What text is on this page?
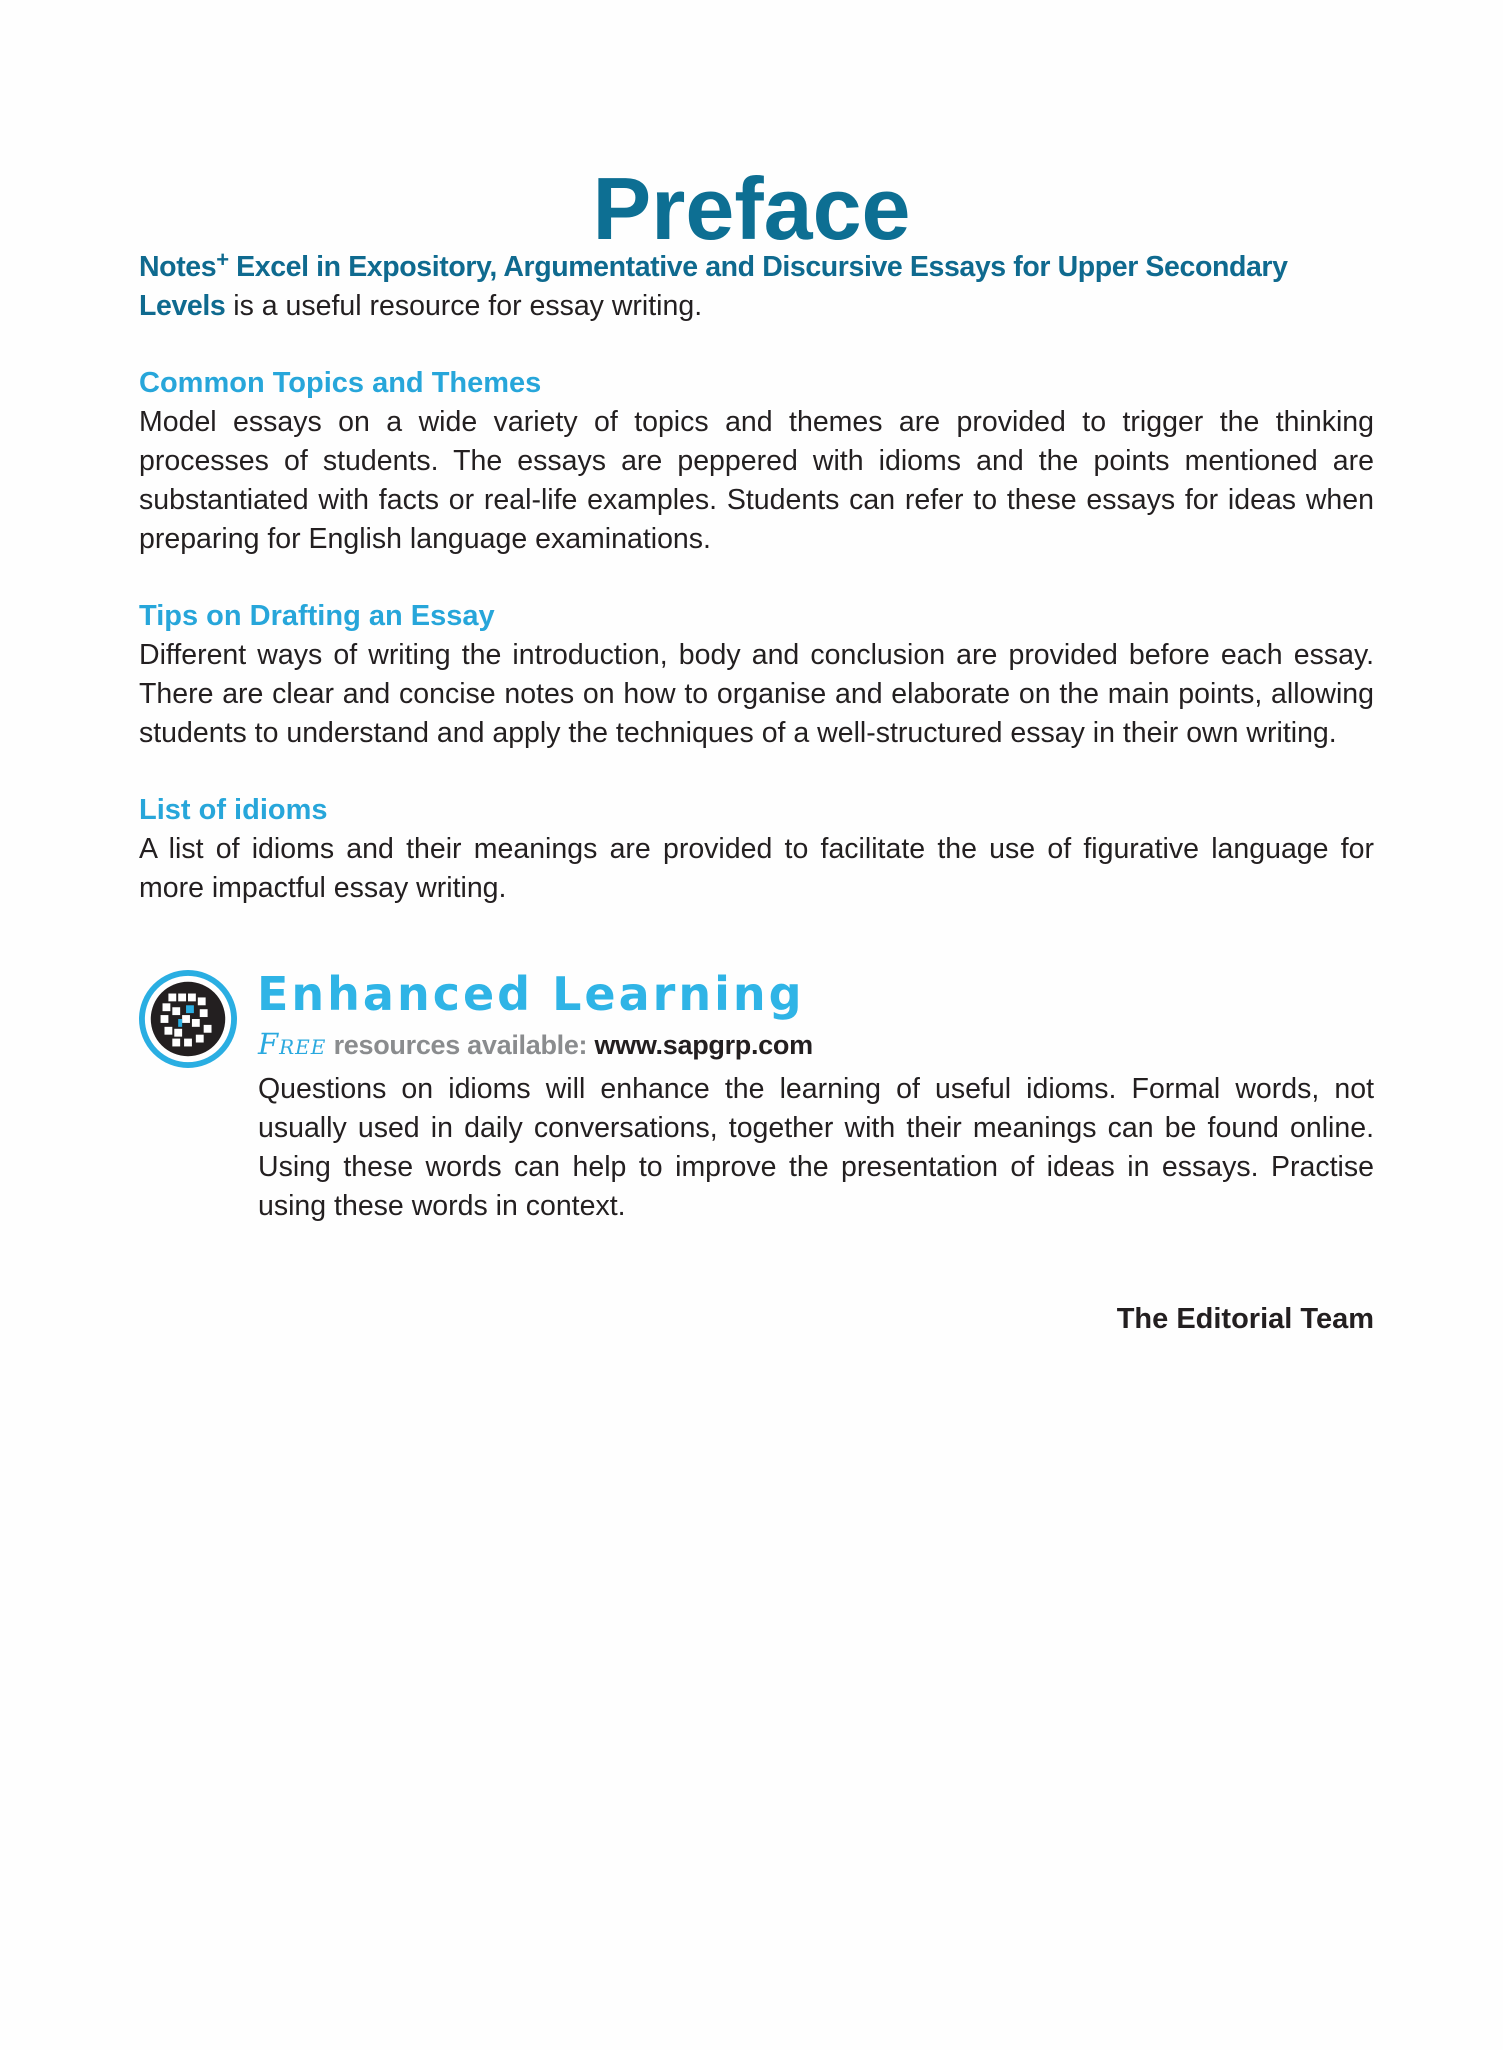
Preface

Notes+ Excel in Expository, Argumentative and Discursive Essays for Upper Secondary Levels is a useful resource for essay writing.

Common Topics and Themes

Model essays on a wide variety of topics and themes are provided to trigger the thinking processes of students. The essays are peppered with idioms and the points mentioned are substantiated with facts or real-life examples. Students can refer to these essays for ideas when preparing for English language examinations.

Tips on Drafting an Essay

Different ways of writing the introduction, body and conclusion are provided before each essay. There are clear and concise notes on how to organise and elaborate on the main points, allowing students to understand and apply the techniques of a well-structured essay in their own writing.

List of idioms

A list of idioms and their meanings are provided to facilitate the use of figurative language for more impactful essay writing.

Enhanced Learning
Free resources available: www.sapgrp.com

Questions on idioms will enhance the learning of useful idioms. Formal words, not usually used in daily conversations, together with their meanings can be found online. Using these words can help to improve the presentation of ideas in essays. Practise using these words in context.

The Editorial Team
